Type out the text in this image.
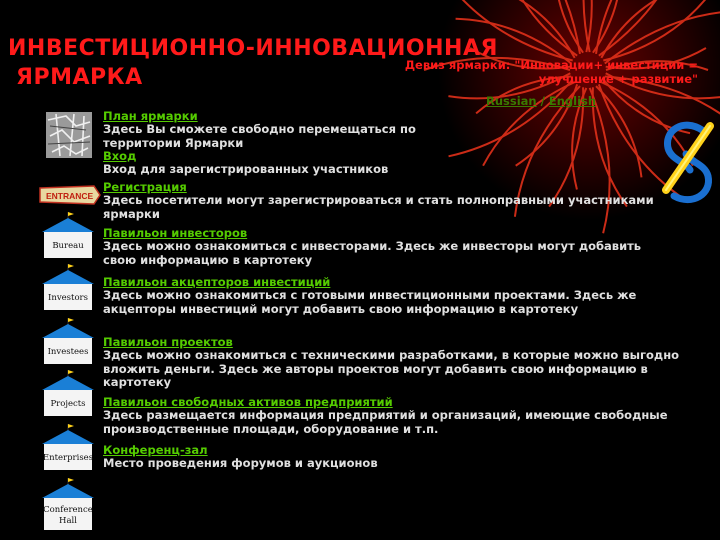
ИНВЕСТИЦИОННО-ИННОВАЦИОННАЯ
ЯРМАРКА	Девиз ярмарки: "Инновации+ инвестиции = улучшение + развитие"
Russian / English
ENTRANCE
Bureau
Investors
Investees
Projects
Enterprises
Conference
Hall
План ярмарки
Здесь Вы сможете свободно перемещаться по территории Ярмарки
Вход
Вход для зарегистрированных участников
Регистрация
Здесь посетители могут зарегистрироваться и стать полноправными участниками ярмарки
Павильон инвесторов
Здесь можно ознакомиться с инвесторами. Здесь же инвесторы могут добавить свою информацию в картотеку
Павильон акцепторов инвестиций
Здесь можно ознакомиться с готовыми инвестиционными проектами. Здесь же акцепторы инвестиций могут добавить свою информацию в картотеку
Павильон проектов
Здесь можно ознакомиться с техническими разработками, в которые можно выгодно вложить деньги. Здесь же авторы проектов могут добавить свою информацию в картотеку
Павильон свободных активов предприятий
Здесь размещается информация предприятий и организаций, имеющие свободные производственные площади, оборудование и т.п.
Конференц-зал
Место проведения форумов и аукционов
